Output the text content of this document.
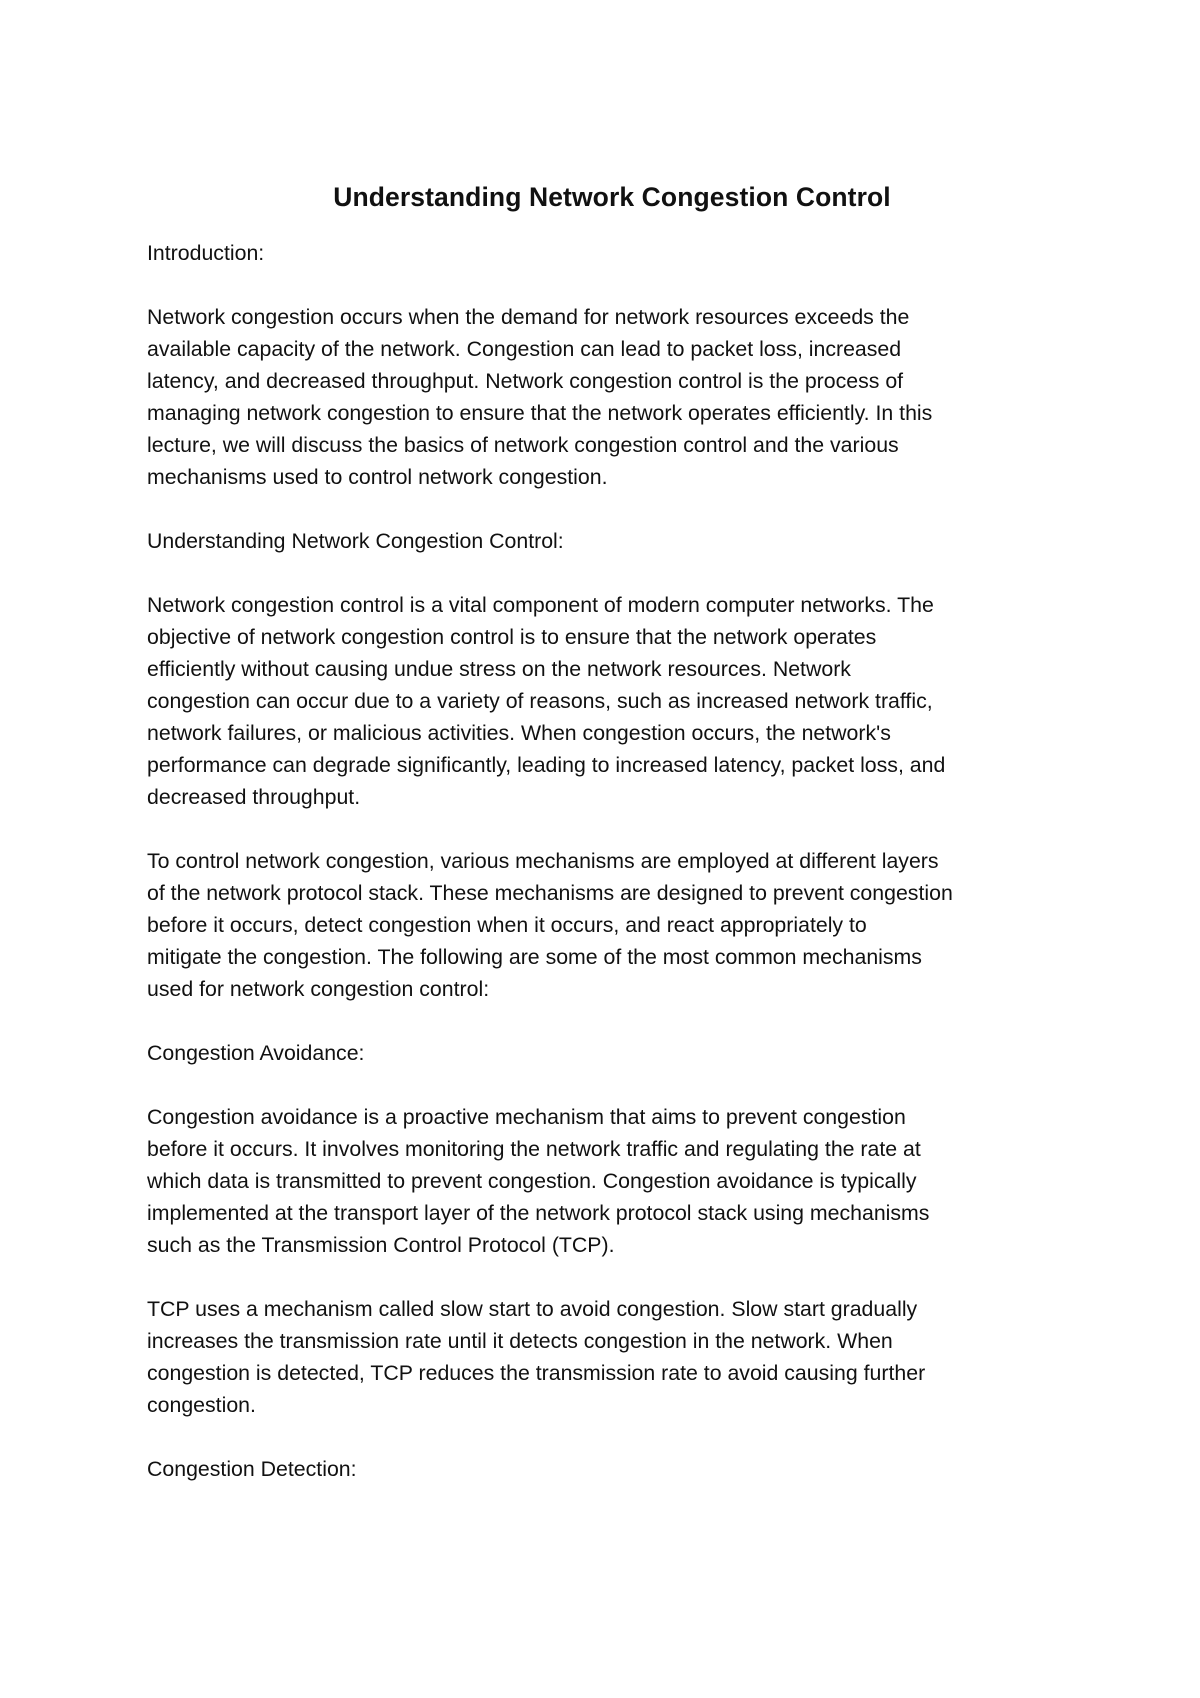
Understanding Network Congestion Control

Introduction:

Network congestion occurs when the demand for network resources exceeds the

available capacity of the network. Congestion can lead to packet loss, increased

latency, and decreased throughput. Network congestion control is the process of

managing network congestion to ensure that the network operates efficiently. In this

lecture, we will discuss the basics of network congestion control and the various

mechanisms used to control network congestion.

Understanding Network Congestion Control:

Network congestion control is a vital component of modern computer networks. The

objective of network congestion control is to ensure that the network operates

efficiently without causing undue stress on the network resources. Network

congestion can occur due to a variety of reasons, such as increased network traffic,

network failures, or malicious activities. When congestion occurs, the network's

performance can degrade significantly, leading to increased latency, packet loss, and

decreased throughput.

To control network congestion, various mechanisms are employed at different layers

of the network protocol stack. These mechanisms are designed to prevent congestion

before it occurs, detect congestion when it occurs, and react appropriately to

mitigate the congestion. The following are some of the most common mechanisms

used for network congestion control:

Congestion Avoidance:

Congestion avoidance is a proactive mechanism that aims to prevent congestion

before it occurs. It involves monitoring the network traffic and regulating the rate at

which data is transmitted to prevent congestion. Congestion avoidance is typically

implemented at the transport layer of the network protocol stack using mechanisms

such as the Transmission Control Protocol (TCP).

TCP uses a mechanism called slow start to avoid congestion. Slow start gradually

increases the transmission rate until it detects congestion in the network. When

congestion is detected, TCP reduces the transmission rate to avoid causing further

congestion.

Congestion Detection:
